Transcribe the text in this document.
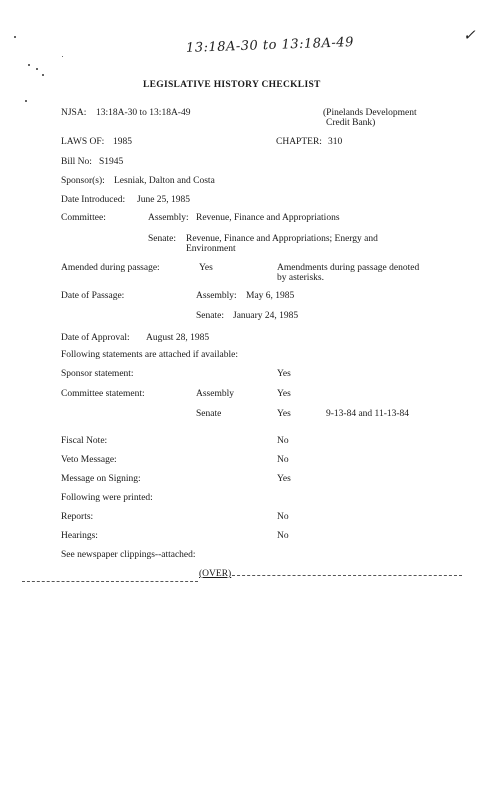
13:18A-30 to 13:18A-49
✓
LEGISLATIVE HISTORY CHECKLIST
NJSA: 13:18A-30 to 13:18A-49	(Pinelands Development
Credit Bank)
LAWS OF: 1985	CHAPTER: 310
Bill No: S1945
Sponsor(s): Lesniak, Dalton and Costa
Date Introduced: June 25, 1985
Committee:	Assembly: Revenue, Finance and Appropriations
Senate: Revenue, Finance and Appropriations; Energy and
Environment
Amended during passage:	Yes	Amendments during passage denoted
by asterisks.
Date of Passage:	Assembly: May 6, 1985
Senate: January 24, 1985
Date of Approval: August 28, 1985
Following statements are attached if available:
Sponsor statement:	Yes
Committee statement:	Assembly	Yes
Senate	Yes	9-13-84 and 11-13-84
Fiscal Note:	No
Veto Message:	No
Message on Signing:	Yes
Following were printed:
Reports:	No
Hearings:	No
See newspaper clippings--attached:
(OVER)
